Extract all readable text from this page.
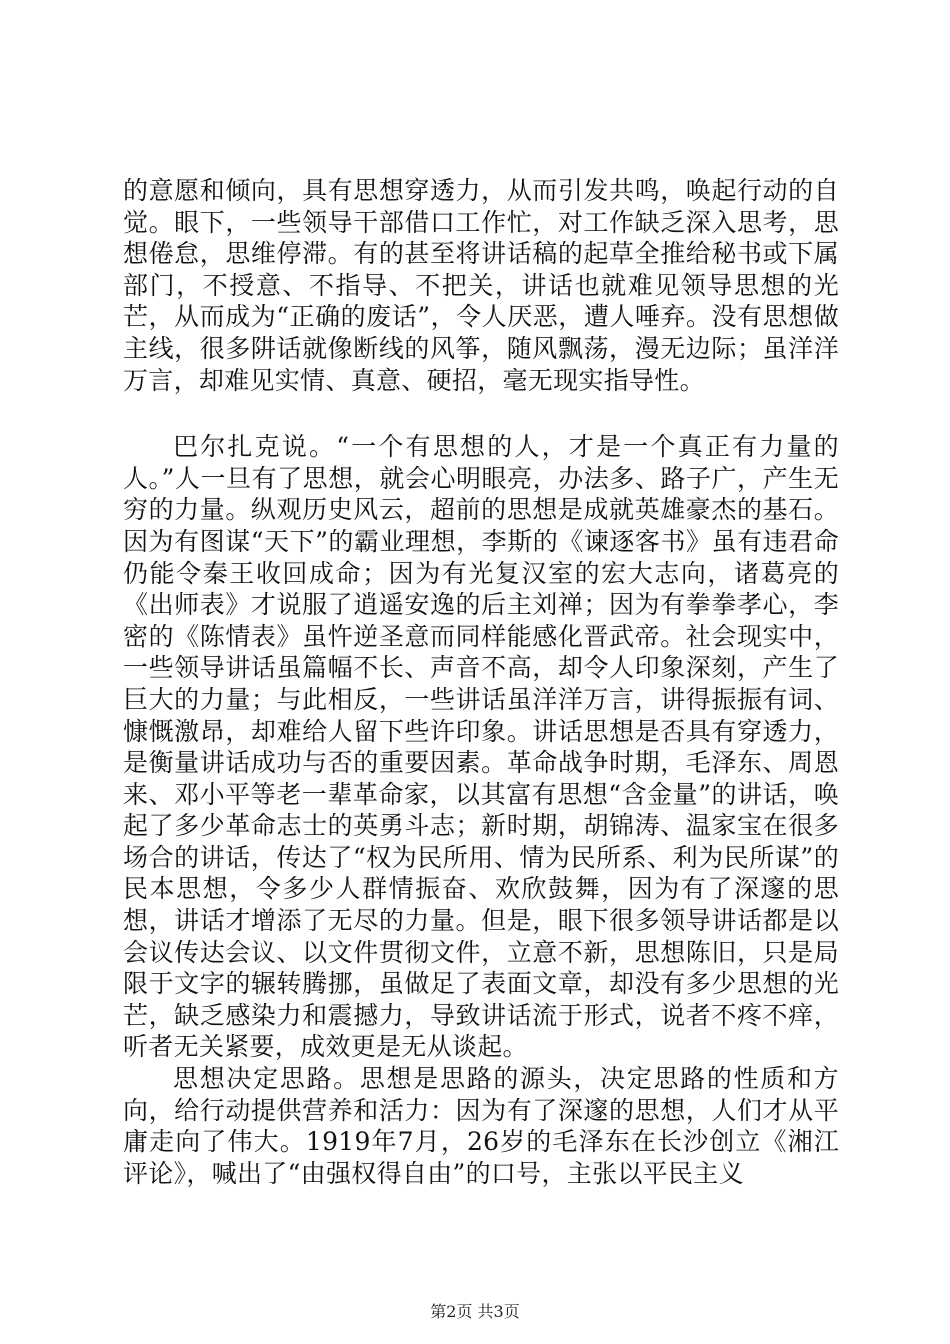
的意愿和倾向，具有思想穿透力，从而引发共鸣，唤起行动的自觉。眼下，一些领导干部借口工作忙，对工作缺乏深入思考，思想倦怠，思维停滞。有的甚至将讲话稿的起草全推给秘书或下属部门，不授意、不指导、不把关，讲话也就难见领导思想的光芒，从而成为“正确的废话”，令人厌恶，遭人唾弃。没有思想做主线，很多阱话就像断线的风筝，随风飘荡，漫无边际；虽洋洋万言，却难见实情、真意、硬招，毫无现实指导性。

巴尔扎克说。“一个有思想的人，才是一个真正有力量的人。”人一旦有了思想，就会心明眼亮，办法多、路子广，产生无穷的力量。纵观历史风云，超前的思想是成就英雄豪杰的基石。因为有图谋“天下”的霸业理想，李斯的《谏逐客书》虽有违君命仍能令秦王收回成命；因为有光复汉室的宏大志向，诸葛亮的《出师表》才说服了逍遥安逸的后主刘禅；因为有拳拳孝心，李密的《陈情表》虽忤逆圣意而同样能感化晋武帝。社会现实中，一些领导讲话虽篇幅不长、声音不高，却令人印象深刻，产生了巨大的力量；与此相反，一些讲话虽洋洋万言，讲得振振有词、慷慨激昂，却难给人留下些许印象。讲话思想是否具有穿透力，是衡量讲话成功与否的重要因素。革命战争时期，毛泽东、周恩来、邓小平等老一辈革命家，以其富有思想“含金量”的讲话，唤起了多少革命志士的英勇斗志；新时期，胡锦涛、温家宝在很多场合的讲话，传达了“权为民所用、情为民所系、利为民所谋”的民本思想，令多少人群情振奋、欢欣鼓舞，因为有了深邃的思想，讲话才增添了无尽的力量。但是，眼下很多领导讲话都是以会议传达会议、以文件贯彻文件，立意不新，思想陈旧，只是局限于文字的辗转腾挪，虽做足了表面文章，却没有多少思想的光芒，缺乏感染力和震撼力，导致讲话流于形式，说者不疼不痒，听者无关紧要，成效更是无从谈起。

思想决定思路。思想是思路的源头，决定思路的性质和方向，给行动提供营养和活力：因为有了深邃的思想，人们才从平庸走向了伟大。1919年7月，26岁的毛泽东在长沙创立《湘江评论》，喊出了“由强权得自由”的口号，主张以平民主义

第2页 共3页
